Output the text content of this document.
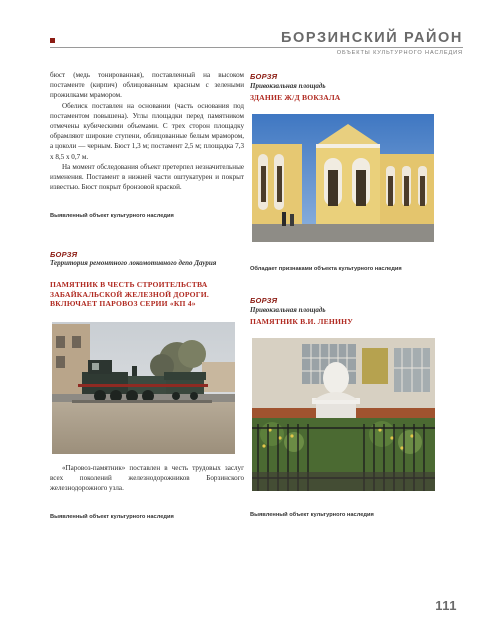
БОРЗИНСКИЙ РАЙОН
ОБЪЕКТЫ КУЛЬТУРНОГО НАСЛЕДИЯ

бюст (медь тонированная), поставленный на высоком постаменте (кирпич) облицованным красным с зелеными прожилками мрамором.

Обелиск поставлен на основании (часть основания под постаментом повышена). Углы площадки перед памятником отмечены кубическими объемами. С трех сторон площадку обрамляют широкие ступени, облицованные белым мрамором, а цоколи — черным. Бюст 1,3 м; постамент 2,5 м; площадка 7,3 х 8,5 х 0,7 м.

На момент обследования объект претерпел незначительные изменения. Постамент в нижней части оштукатурен и покрыт известью. Бюст покрыт бронзовой краской.

Выявленный объект культурного наследия
БОРЗЯ
Территория ремонтного локомотивного депо Даурия
ПАМЯТНИК В ЧЕСТЬ СТРОИТЕЛЬСТВА ЗАБАЙКАЛЬСКОЙ ЖЕЛЕЗНОЙ ДОРОГИ. ВКЛЮЧАЕТ ПАРОВОЗ СЕРИИ «КП 4»
«Паровоз-памятник» поставлен в честь трудовых заслуг всех поколений железнодорожников Борзинского железнодорожного узла.
Выявленный объект культурного наследия
БОРЗЯ
Привокзальная площадь
ЗДАНИЕ Ж/Д ВОКЗАЛА
Обладает признаками объекта культурного наследия
БОРЗЯ
Привокзальная площадь
ПАМЯТНИК В.И. ЛЕНИНУ
Выявленный объект культурного наследия
111
